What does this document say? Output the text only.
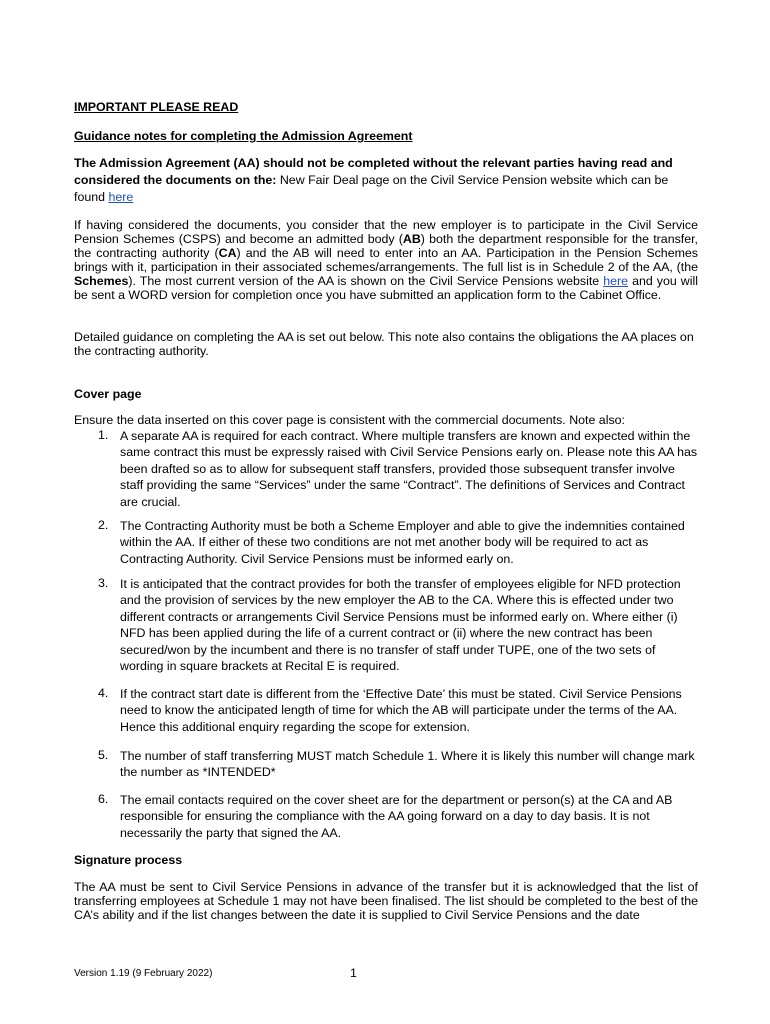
IMPORTANT PLEASE READ

Guidance notes for completing the Admission Agreement

The Admission Agreement (AA) should not be completed without the relevant parties having read and considered the documents on the: New Fair Deal page on the Civil Service Pension website which can be found here

If having considered the documents, you consider that the new employer is to participate in the Civil Service Pension Schemes (CSPS) and become an admitted body (AB) both the department responsible for the transfer, the contracting authority (CA) and the AB will need to enter into an AA. Participation in the Pension Schemes brings with it, participation in their associated schemes/arrangements. The full list is in Schedule 2 of the AA, (the Schemes). The most current version of the AA is shown on the Civil Service Pensions website here and you will be sent a WORD version for completion once you have submitted an application form to the Cabinet Office.

Detailed guidance on completing the AA is set out below. This note also contains the obligations the AA places on the contracting authority.

Cover page

Ensure the data inserted on this cover page is consistent with the commercial documents. Note also:

1. A separate AA is required for each contract. Where multiple transfers are known and expected within the same contract this must be expressly raised with Civil Service Pensions early on. Please note this AA has been drafted so as to allow for subsequent staff transfers, provided those subsequent transfer involve staff providing the same “Services” under the same “Contract”. The definitions of Services and Contract are crucial.
2. The Contracting Authority must be both a Scheme Employer and able to give the indemnities contained within the AA. If either of these two conditions are not met another body will be required to act as Contracting Authority. Civil Service Pensions must be informed early on.
3. It is anticipated that the contract provides for both the transfer of employees eligible for NFD protection and the provision of services by the new employer the AB to the CA. Where this is effected under two different contracts or arrangements Civil Service Pensions must be informed early on. Where either (i) NFD has been applied during the life of a current contract or (ii) where the new contract has been secured/won by the incumbent and there is no transfer of staff under TUPE, one of the two sets of wording in square brackets at Recital E is required.
4. If the contract start date is different from the ‘Effective Date’ this must be stated. Civil Service Pensions need to know the anticipated length of time for which the AB will participate under the terms of the AA. Hence this additional enquiry regarding the scope for extension.
5. The number of staff transferring MUST match Schedule 1. Where it is likely this number will change mark the number as *INTENDED*
6. The email contacts required on the cover sheet are for the department or person(s) at the CA and AB responsible for ensuring the compliance with the AA going forward on a day to day basis. It is not necessarily the party that signed the AA.

Signature process

The AA must be sent to Civil Service Pensions in advance of the transfer but it is acknowledged that the list of transferring employees at Schedule 1 may not have been finalised. The list should be completed to the best of the CA’s ability and if the list changes between the date it is supplied to Civil Service Pensions and the date

Version 1.19 (9 February 2022)	1
